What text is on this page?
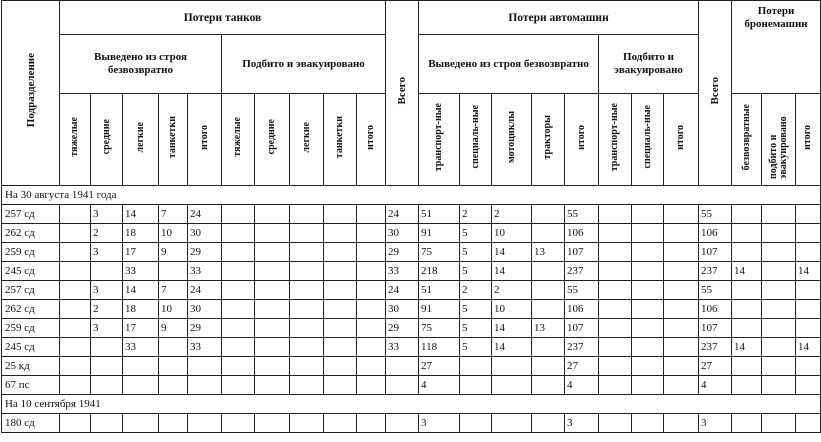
Подразделение	Потери танков										Всего	Потери автомашин								Всего	Потери бронемашин		
	Выведено из строя безвозвратно					Подбито и эвакуировано						Выведено из строя безвозвратно					Подбито и эвакуировано						
	тяжелые	средние	легкие	танкетки	итого	тяжелые	средние	легкие	танкетки	итого		транспорт-ные	специаль-ные	мотоциклы	тракторы	итого	транспорт-ные	специаль-ные	итого		безвозвратные	подбито и эвакуировано	итого
На 30 августа 1941 года																							
257 сд		3	14	7	24						24	51	2	2		55				55			
262 сд		2	18	10	30						30	91	5	10		106				106			
259 сд		3	17	9	29						29	75	5	14	13	107				107			
245 сд			33		33						33	218	5	14		237				237	14		14
257 сд		3	14	7	24						24	51	2	2		55				55			
262 сд		2	18	10	30						30	91	5	10		106				106			
259 сд		3	17	9	29						29	75	5	14	13	107				107			
245 сд			33		33						33	118	5	14		237				237	14		14
25 кд												27				27				27			
67 пс												4				4				4			
На 10 сентября 1941																							
180 сд												3				3				3			
